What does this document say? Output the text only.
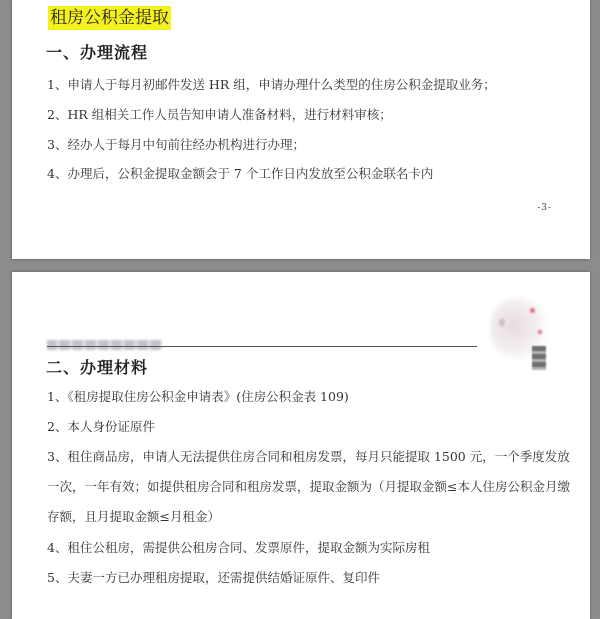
租房公积金提取
一、办理流程
1、申请人于每月初邮件发送 HR 组，申请办理什么类型的住房公积金提取业务；
2、HR 组相关工作人员告知申请人准备材料，进行材料审核；
3、经办人于每月中旬前往经办机构进行办理；
4、办理后，公积金提取金额会于 7 个工作日内发放至公积金联名卡内
-3-
二、办理材料
1、《租房提取住房公积金申请表》(住房公积金表 109)
2、本人身份证原件
3、租住商品房，申请人无法提供住房合同和租房发票，每月只能提取 1500 元，一个季度发放一次，一年有效；如提供租房合同和租房发票，提取金额为（月提取金额≤本人住房公积金月缴存额，且月提取金额≤月租金）
4、租住公租房，需提供公租房合同、发票原件，提取金额为实际房租
5、夫妻一方已办理租房提取，还需提供结婚证原件、复印件
